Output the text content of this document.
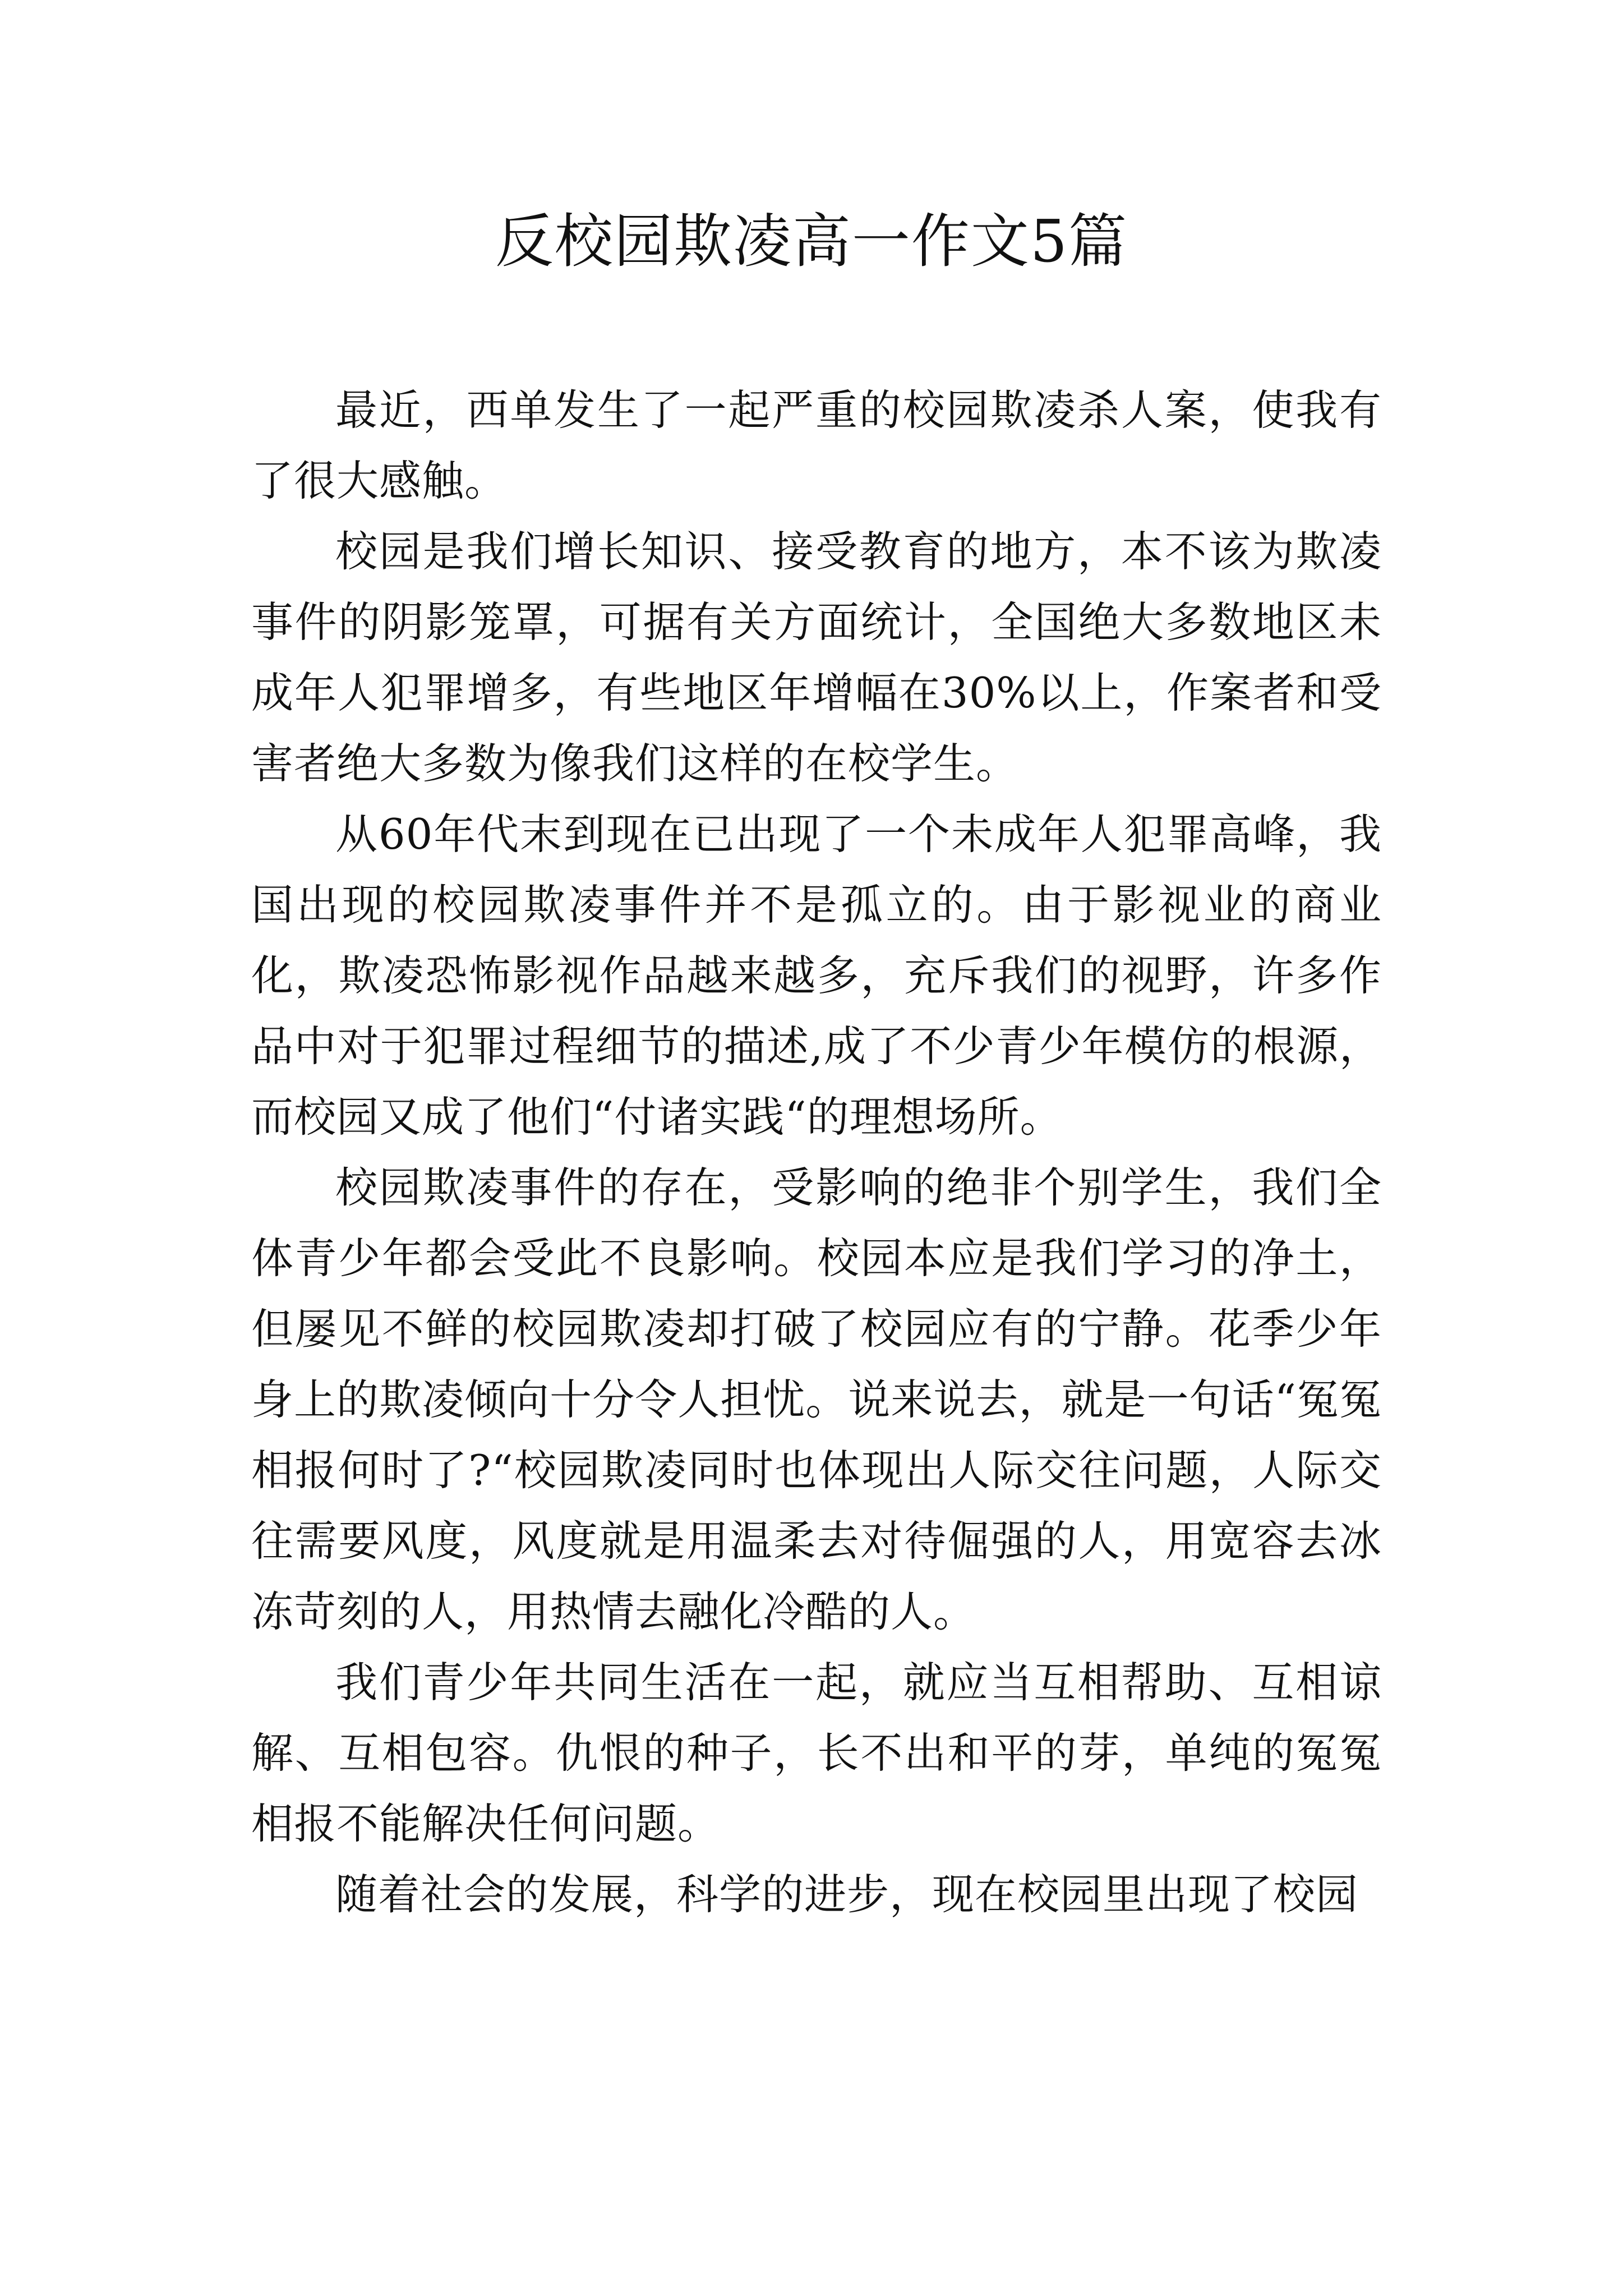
反校园欺凌高一作文5篇

最近，西单发生了一起严重的校园欺凌杀人案，使我有了很大感触。

校园是我们增长知识、接受教育的地方，本不该为欺凌事件的阴影笼罩，可据有关方面统计，全国绝大多数地区未成年人犯罪增多，有些地区年增幅在30%以上，作案者和受害者绝大多数为像我们这样的在校学生。

从60年代末到现在已出现了一个未成年人犯罪高峰，我国出现的校园欺凌事件并不是孤立的。由于影视业的商业化，欺凌恐怖影视作品越来越多，充斥我们的视野，许多作品中对于犯罪过程细节的描述,成了不少青少年模仿的根源，而校园又成了他们“付诸实践“的理想场所。

校园欺凌事件的存在，受影响的绝非个别学生，我们全体青少年都会受此不良影响。校园本应是我们学习的净土，但屡见不鲜的校园欺凌却打破了校园应有的宁静。花季少年身上的欺凌倾向十分令人担忧。说来说去，就是一句话“冤冤相报何时了?“校园欺凌同时也体现出人际交往问题，人际交往需要风度，风度就是用温柔去对待倔强的人，用宽容去冰冻苛刻的人，用热情去融化冷酷的人。

我们青少年共同生活在一起，就应当互相帮助、互相谅解、互相包容。仇恨的种子，长不出和平的芽，单纯的冤冤相报不能解决任何问题。

随着社会的发展，科学的进步，现在校园里出现了校园
